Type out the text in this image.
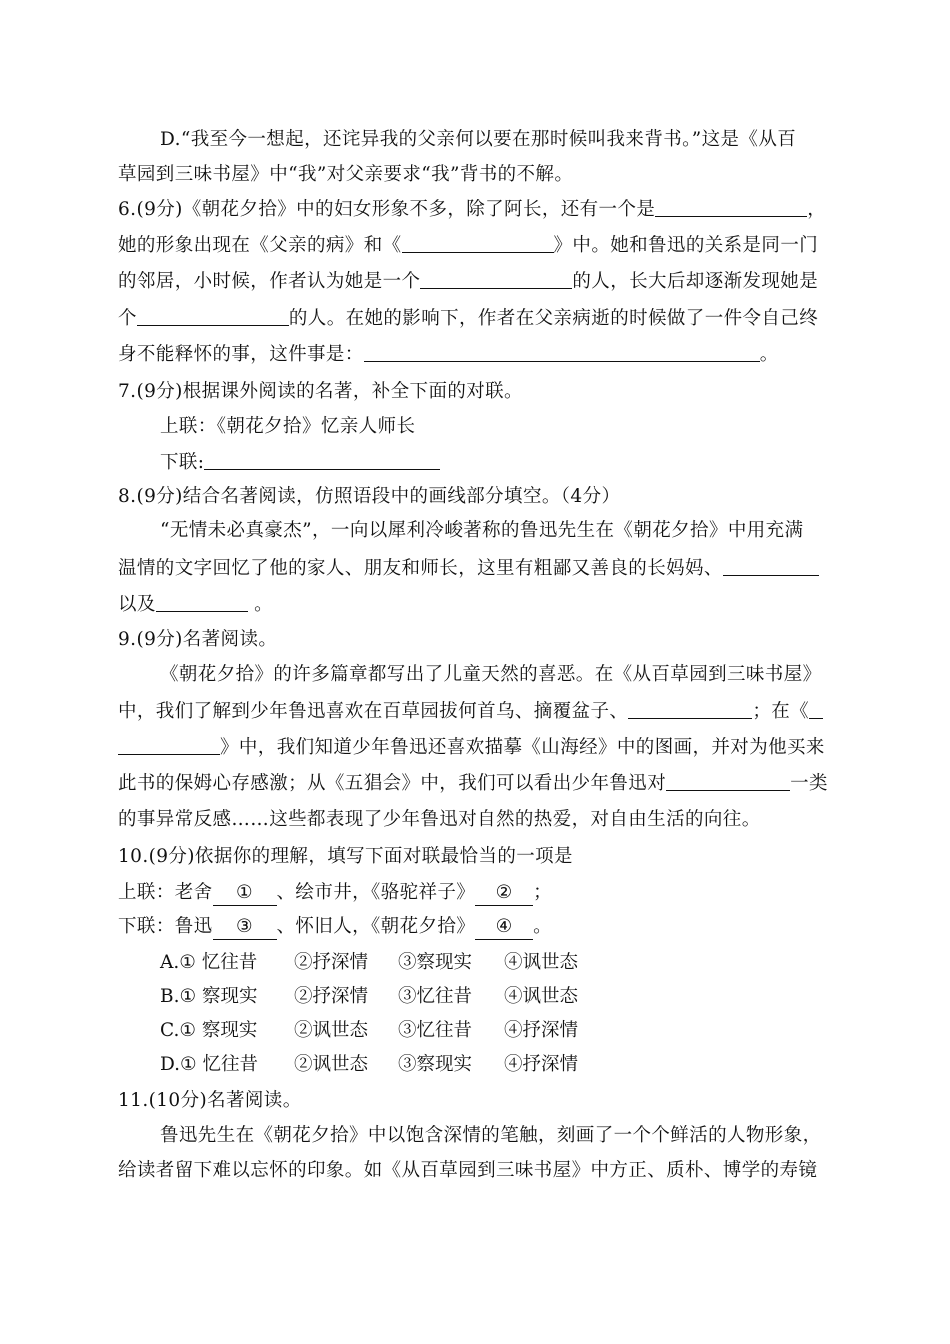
D.“我至今一想起，还诧异我的父亲何以要在那时候叫我来背书。”这是《从百
草园到三味书屋》中“我”对父亲要求“我”背书的不解。
6.(9分)《朝花夕拾》中的妇女形象不多，除了阿长，还有一个是	，
她的形象出现在《父亲的病》和《	》中。她和鲁迅的关系是同一门
的邻居，小时候，作者认为她是一个	的人，长大后却逐渐发现她是
个	的人。在她的影响下，作者在父亲病逝的时候做了一件令自己终
身不能释怀的事，这件事是：	。
7.(9分)根据课外阅读的名著，补全下面的对联。
上联：《朝花夕拾》忆亲人师长
下联:
8.(9分)结合名著阅读，仿照语段中的画线部分填空。（4分）
“无情未必真豪杰”，一向以犀利冷峻著称的鲁迅先生在《朝花夕拾》中用充满
温情的文字回忆了他的家人、朋友和师长，这里有粗鄙又善良的长妈妈、
以及	。
9.(9分)名著阅读。
《朝花夕拾》的许多篇章都写出了儿童天然的喜恶。在《从百草园到三味书屋》
中，我们了解到少年鲁迅喜欢在百草园拔何首乌、摘覆盆子、	；在《
》中，我们知道少年鲁迅还喜欢描摹《山海经》中的图画，并对为他买来
此书的保姆心存感激；从《五猖会》中，我们可以看出少年鲁迅对	一类
的事异常反感……这些都表现了少年鲁迅对自然的热爱，对自由生活的向往。
10.(9分)依据你的理解，填写下面对联最恰当的一项是
上联：老舍 ① 、绘市井，《骆驼祥子》 ② ；
下联：鲁迅 ③ 、怀旧人，《朝花夕拾》 ④ 。
A.① 忆往昔 ②抒深情 ③察现实 ④讽世态
B.① 察现实 ②抒深情 ③忆往昔 ④讽世态
C.① 察现实 ②讽世态 ③忆往昔 ④抒深情
D.① 忆往昔 ②讽世态 ③察现实 ④抒深情
11.(10分)名著阅读。
鲁迅先生在《朝花夕拾》中以饱含深情的笔触，刻画了一个个鲜活的人物形象，
给读者留下难以忘怀的印象。如《从百草园到三味书屋》中方正、质朴、博学的寿镜
